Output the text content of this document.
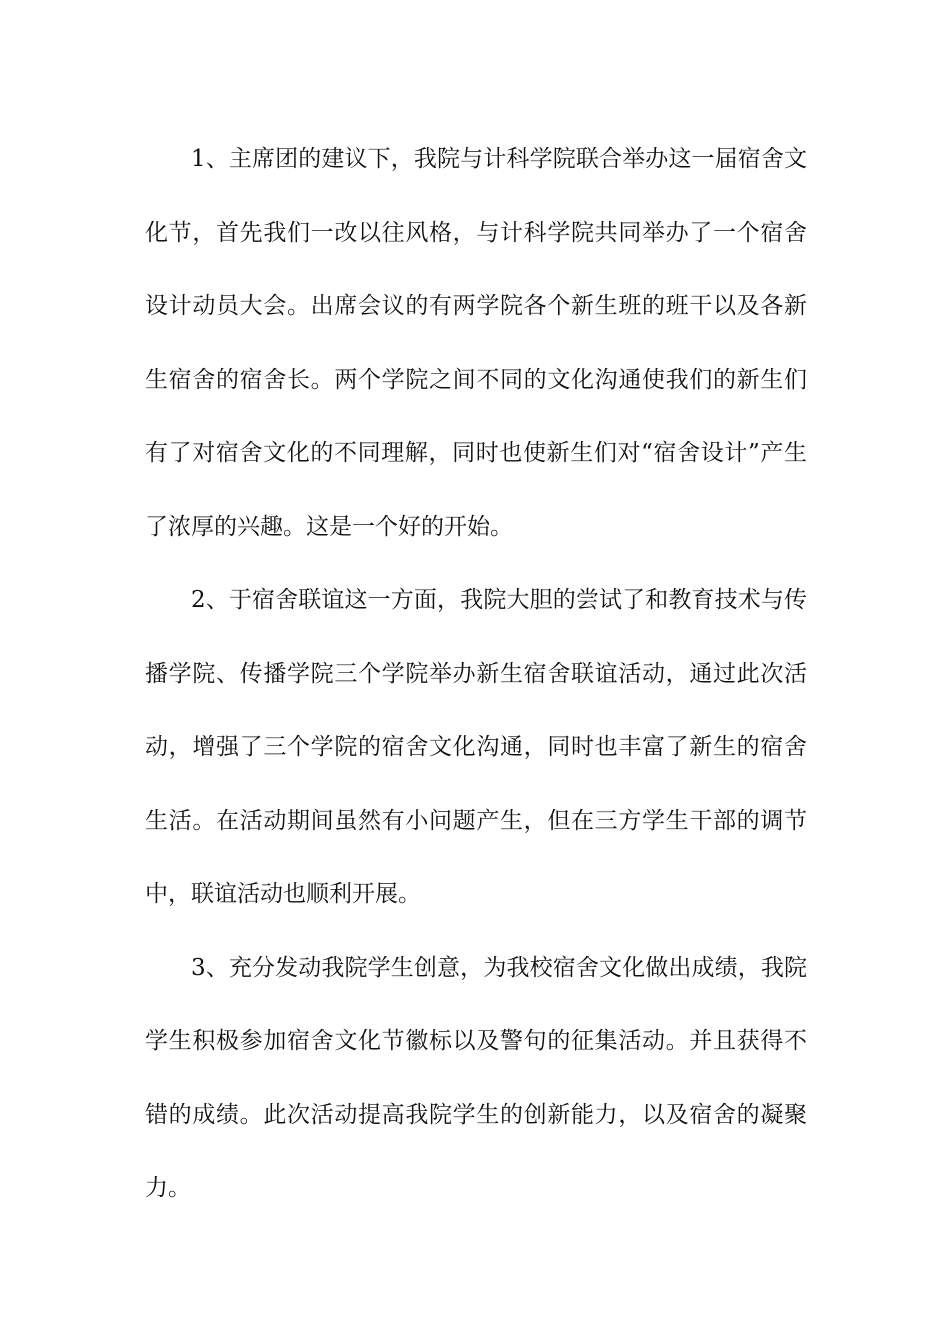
1、主席团的建议下，我院与计科学院联合举办这一届宿舍文化节，首先我们一改以往风格，与计科学院共同举办了一个宿舍设计动员大会。出席会议的有两学院各个新生班的班干以及各新生宿舍的宿舍长。两个学院之间不同的文化沟通使我们的新生们有了对宿舍文化的不同理解，同时也使新生们对“宿舍设计”产生了浓厚的兴趣。这是一个好的开始。

2、于宿舍联谊这一方面，我院大胆的尝试了和教育技术与传播学院、传播学院三个学院举办新生宿舍联谊活动，通过此次活动，增强了三个学院的宿舍文化沟通，同时也丰富了新生的宿舍生活。在活动期间虽然有小问题产生，但在三方学生干部的调节中，联谊活动也顺利开展。

3、充分发动我院学生创意，为我校宿舍文化做出成绩，我院学生积极参加宿舍文化节徽标以及警句的征集活动。并且获得不错的成绩。此次活动提高我院学生的创新能力，以及宿舍的凝聚力。
